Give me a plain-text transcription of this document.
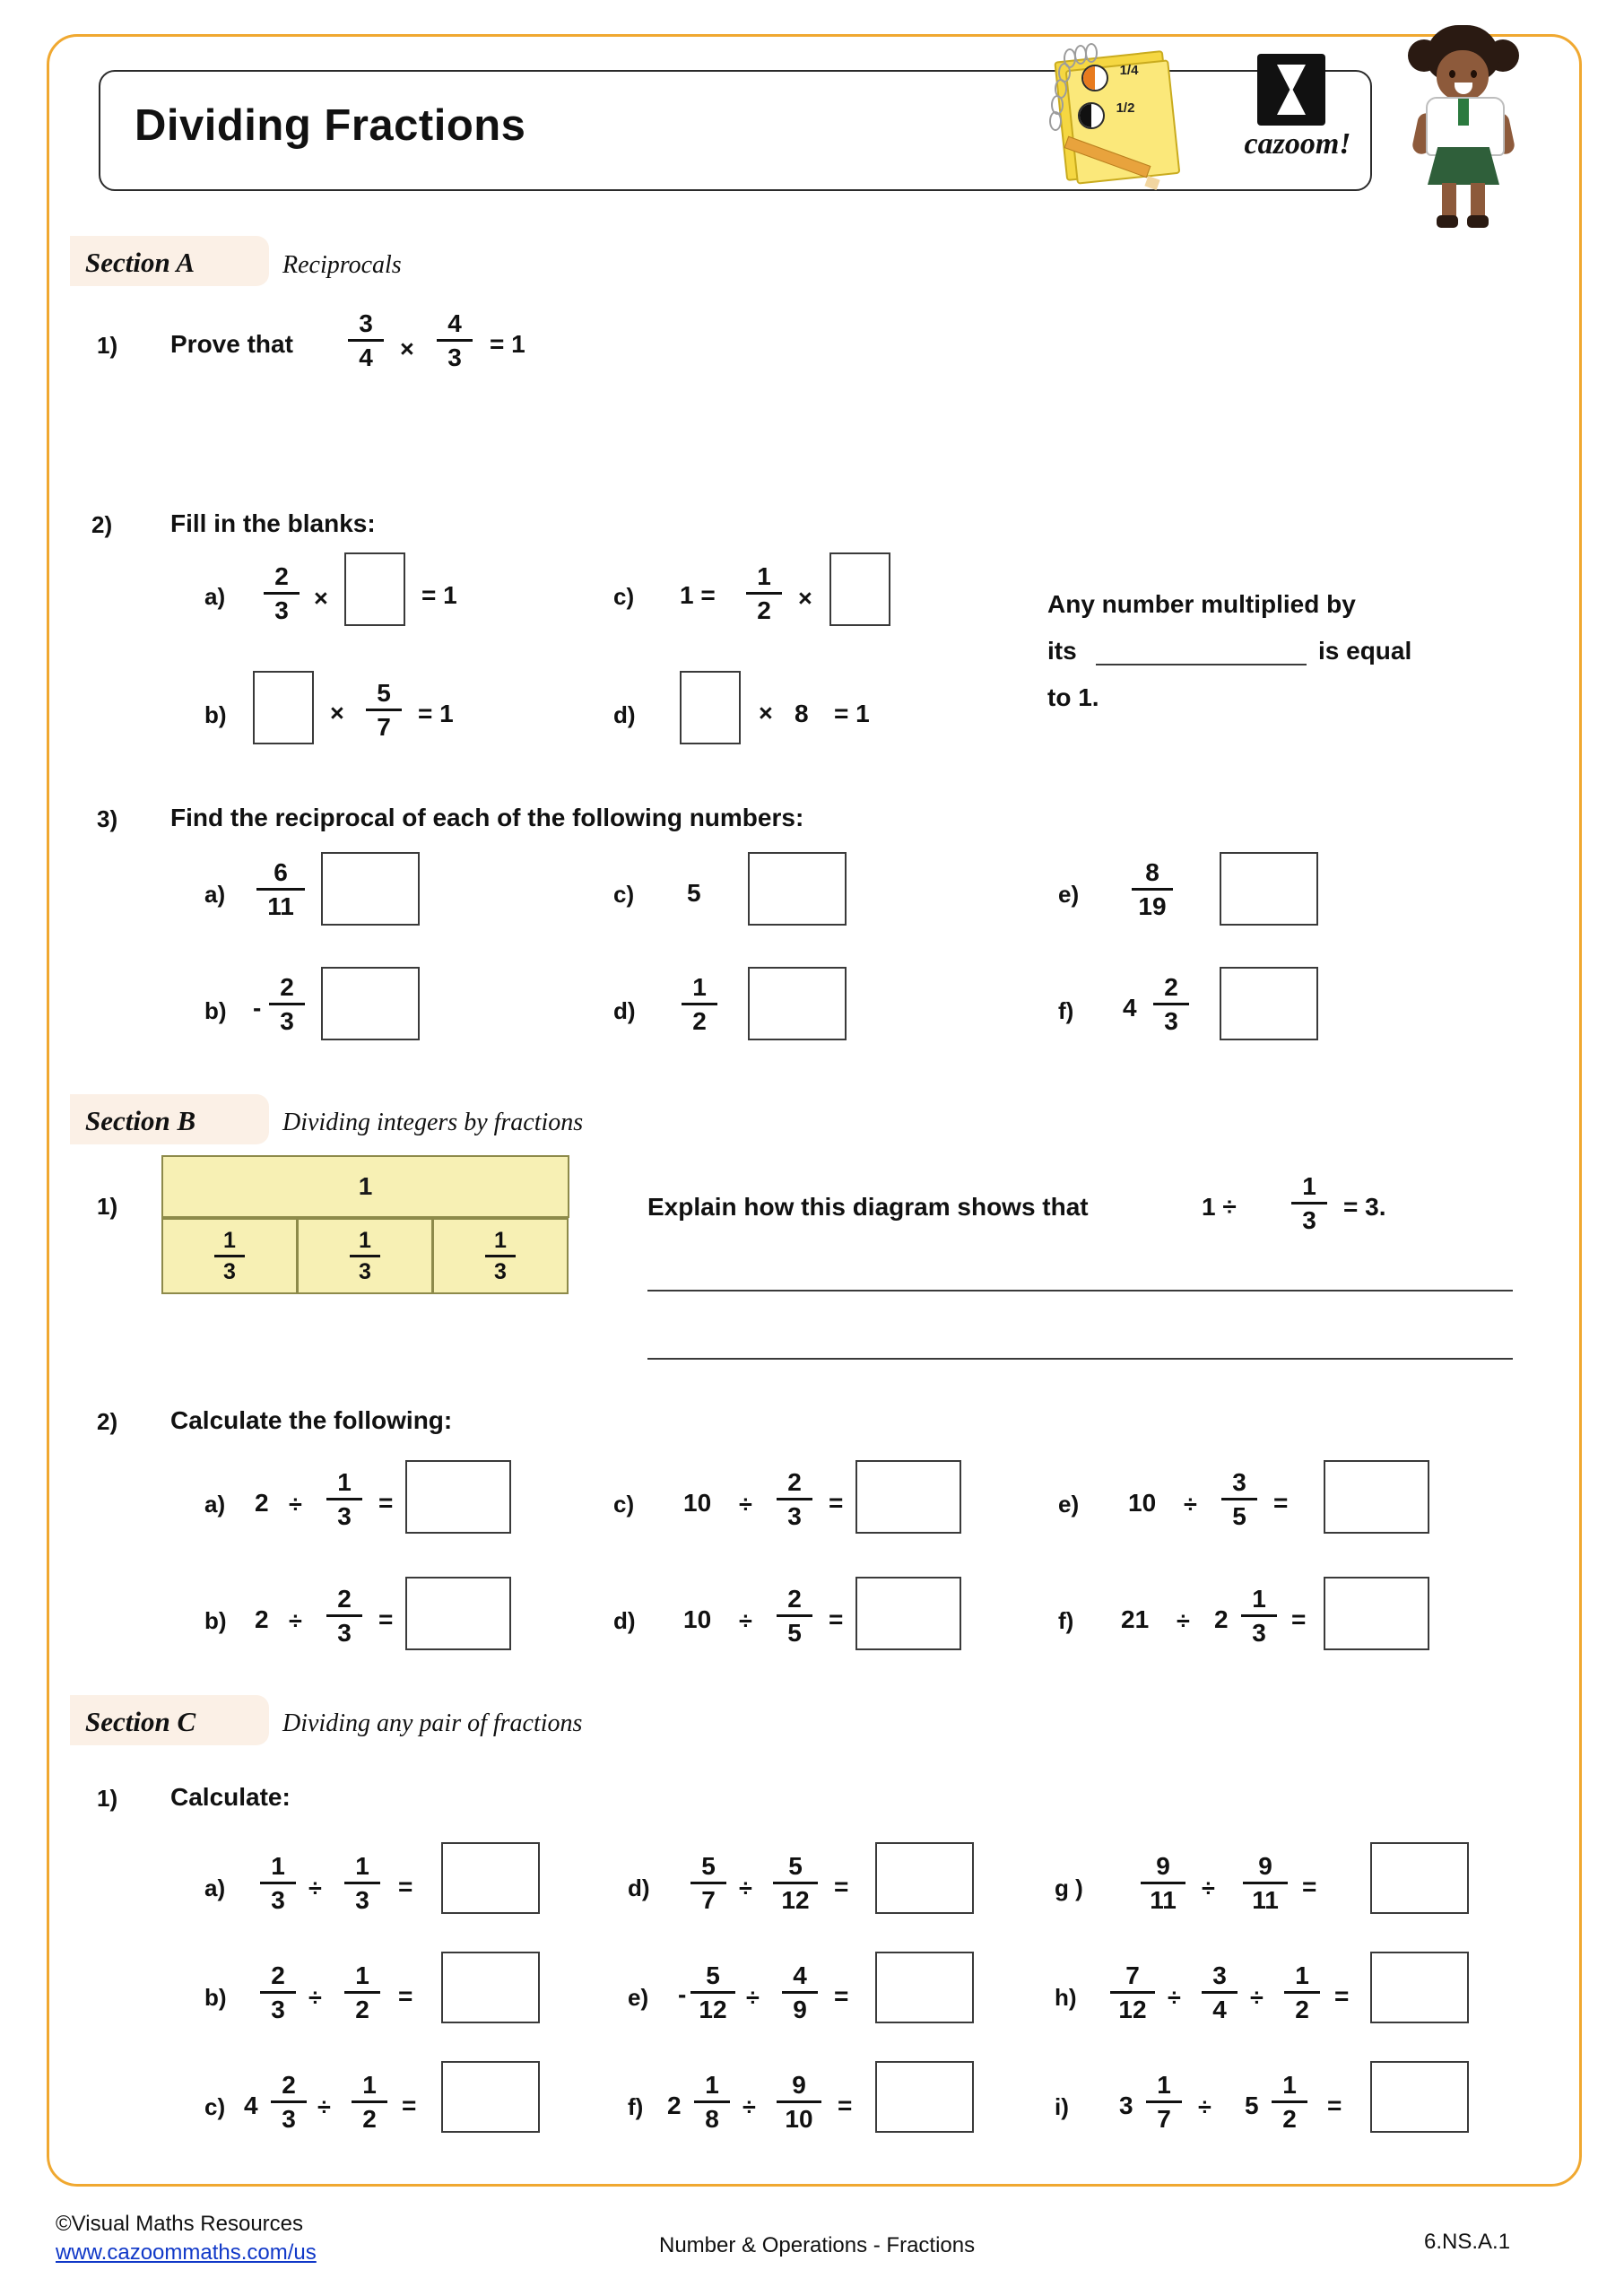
Dividing Fractions
1/4
1/2
cazoom!
Section A	Reciprocals
1) Prove that
3
4	×
4
3	= 1
2) Fill in the blanks:
a)
2
3	×	= 1
b)	×
5
7	= 1
c) 1 =
1
2	×
d)	× 8 = 1
Any number multiplied by
its	is equal
to 1.
3) Find the reciprocal of each of the following numbers:
a)
6
11
b) -
2
3
c) 5
d)
1
2
e)
8
19
f) 4
2
3
Section B	Dividing integers by fractions
1)
1
$\frac{1}{3}$	$\frac{1}{3}$	$\frac{1}{3}$
Explain how this diagram shows that	1 ÷
1
3	= 3.
2) Calculate the following:
a) 2 ÷
1
3	=
b) 2 ÷
2
3	=
c) 10 ÷
2
3	=
d) 10 ÷
2
5	=
e) 10 ÷
3
5	=
f) 21 ÷ 2
1
3	=
Section C	Dividing any pair of fractions
1) Calculate:
a)
1
3 ÷
1
3	=
b)
2
3 ÷
1
2	=
c) 4
2
3 ÷
1
2	=
d)
5
7 ÷
5
12 =
e) -
5
12 ÷
4
9	=
f) 2
1
8 ÷
9
10 =
g )
9
11	÷
9
11 =
h)
7
12 ÷
3
4 ÷
1
2	=
i) 3
1
7	÷ 5
1
2	=
©Visual Maths Resources
www.cazoommaths.com/us	Number & Operations - Fractions	6.NS.A.1
